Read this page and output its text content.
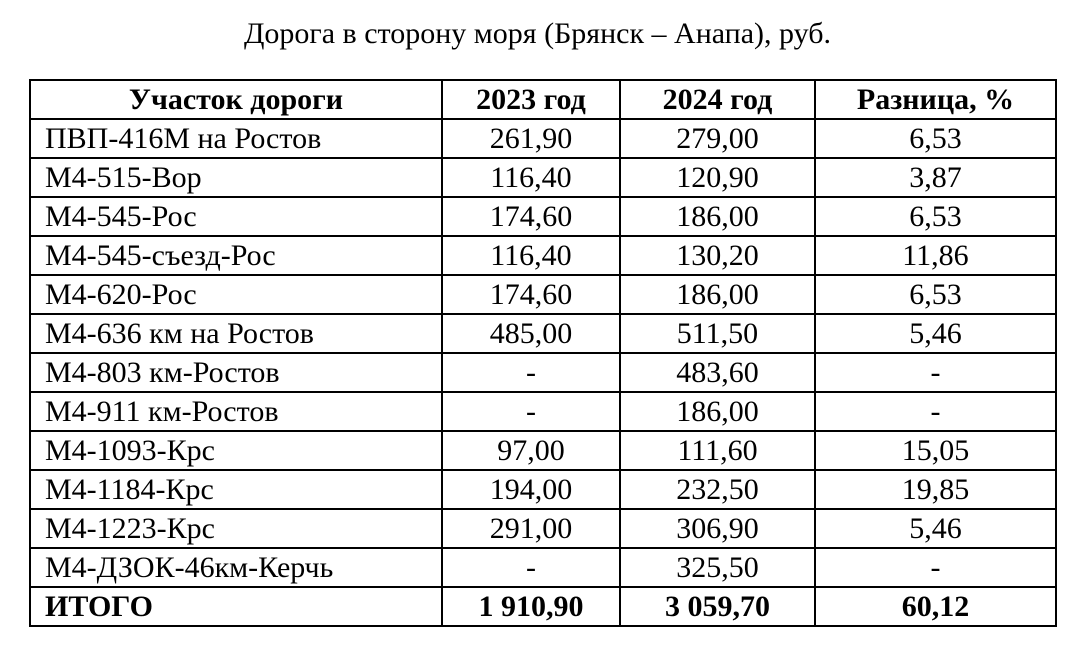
Дорога в сторону моря (Брянск – Анапа), руб.
Участок дороги	2023 год	2024 год	Разница, %
ПВП-416М на Ростов	261,90	279,00	6,53
М4-515-Вор	116,40	120,90	3,87
М4-545-Рос	174,60	186,00	6,53
М4-545-съезд-Рос	116,40	130,20	11,86
М4-620-Рос	174,60	186,00	6,53
М4-636 км на Ростов	485,00	511,50	5,46
М4-803 км-Ростов	-	483,60	-
М4-911 км-Ростов	-	186,00	-
М4-1093-Крс	97,00	111,60	15,05
М4-1184-Крс	194,00	232,50	19,85
М4-1223-Крс	291,00	306,90	5,46
М4-ДЗОК-46км-Керчь	-	325,50	-
ИТОГО	1 910,90	3 059,70	60,12
